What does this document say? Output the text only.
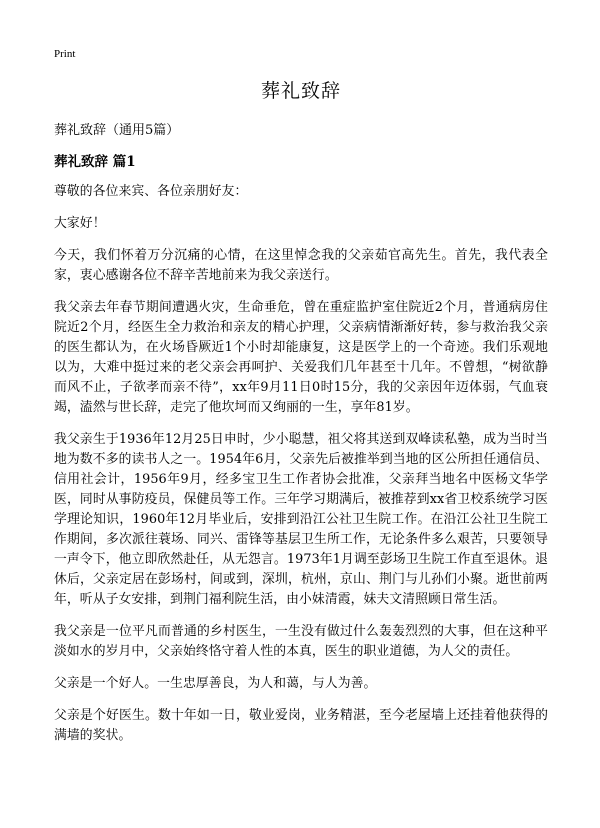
Print
葬礼致辞
葬礼致辞（通用5篇）
葬礼致辞 篇1

尊敬的各位来宾、各位亲朋好友：

大家好！

今天，我们怀着万分沉痛的心情，在这里悼念我的父亲茹官高先生。首先，我代表全家，衷心感谢各位不辞辛苦地前来为我父亲送行。

我父亲去年春节期间遭遇火灾，生命垂危，曾在重症监护室住院近2个月，普通病房住院近2个月，经医生全力救治和亲友的精心护理，父亲病情渐渐好转，参与救治我父亲的医生都认为，在火场昏厥近1个小时却能康复，这是医学上的一个奇迹。我们乐观地以为，大难中挺过来的老父亲会再呵护、关爱我们几年甚至十几年。不曾想，“树欲静而风不止，子欲孝而亲不待”，xx年9月11日0时15分，我的父亲因年迈体弱，气血衰竭，溘然与世长辞，走完了他坎坷而又绚丽的一生，享年81岁。

我父亲生于1936年12月25日申时，少小聪慧，祖父将其送到双峰读私塾，成为当时当地为数不多的读书人之一。1954年6月，父亲先后被推举到当地的区公所担任通信员、信用社会计，1956年9月，经多宝卫生工作者协会批准，父亲拜当地名中医杨文华学医，同时从事防疫员，保健员等工作。三年学习期满后，被推荐到xx省卫校系统学习医学理论知识，1960年12月毕业后，安排到沿江公社卫生院工作。在沿江公社卫生院工作期间，多次派往蓑场、同兴、雷锋等基层卫生所工作，无论条件多么艰苦，只要领导一声令下，他立即欣然赴任，从无怨言。1973年1月调至彭场卫生院工作直至退休。退休后，父亲定居在彭场村，间或到，深圳，杭州，京山、荆门与儿孙们小聚。逝世前两年，听从子女安排，到荆门福利院生活，由小妹清霞，妹夫文清照顾日常生活。

我父亲是一位平凡而普通的乡村医生，一生没有做过什么轰轰烈烈的大事，但在这种平淡如水的岁月中，父亲始终恪守着人性的本真，医生的职业道德，为人父的责任。

父亲是一个好人。一生忠厚善良，为人和蔼，与人为善。

父亲是个好医生。数十年如一日，敬业爱岗，业务精湛，至今老屋墙上还挂着他获得的满墙的奖状。
